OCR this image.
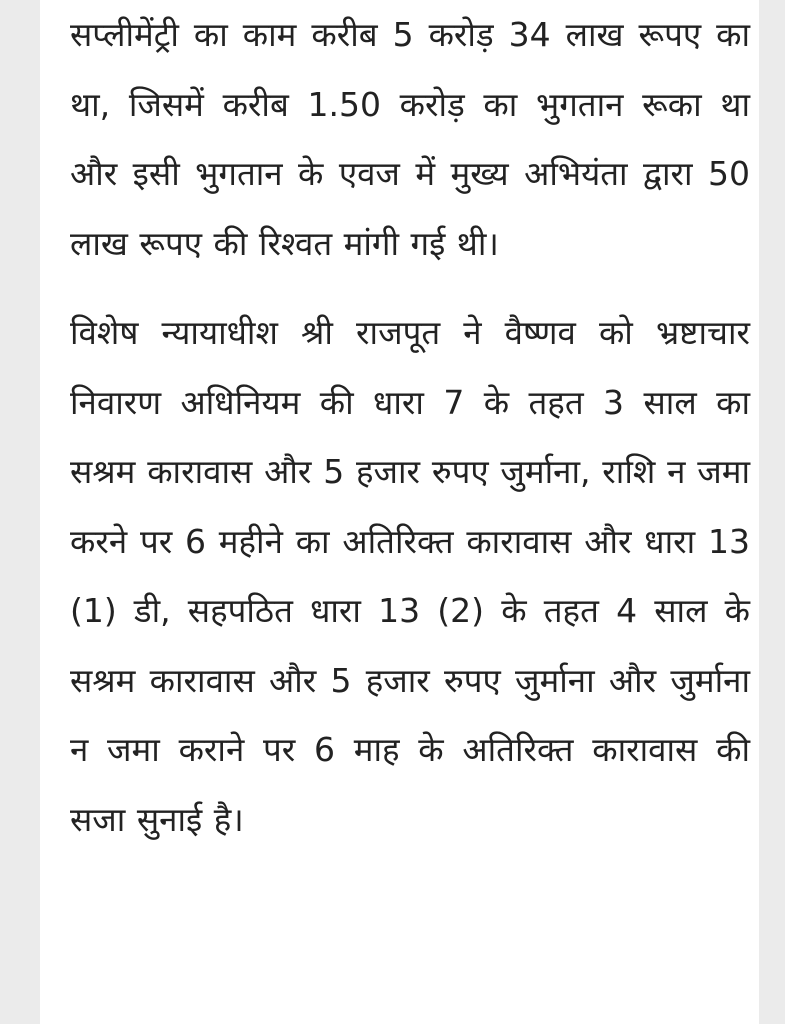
सप्लीमेंट्री का काम करीब 5 करोड़ 34 लाख रूपए का था, जिसमें करीब 1.50 करोड़ का भुगतान रूका था और इसी भुगतान के एवज में मुख्य अभियंता द्वारा 50 लाख रूपए की रिश्वत मांगी गई थी।

विशेष न्यायाधीश श्री राजपूत ने वैष्णव को भ्रष्टाचार निवारण अधिनियम की धारा 7 के तहत 3 साल का सश्रम कारावास और 5 हजार रुपए जुर्माना, राशि न जमा करने पर 6 महीने का अतिरिक्त कारावास और धारा 13 (1) डी, सहपठित धारा 13 (2) के तहत 4 साल के सश्रम कारावास और 5 हजार रुपए जुर्माना और जुर्माना न जमा कराने पर 6 माह के अतिरिक्त कारावास की सजा सुनाई है।
